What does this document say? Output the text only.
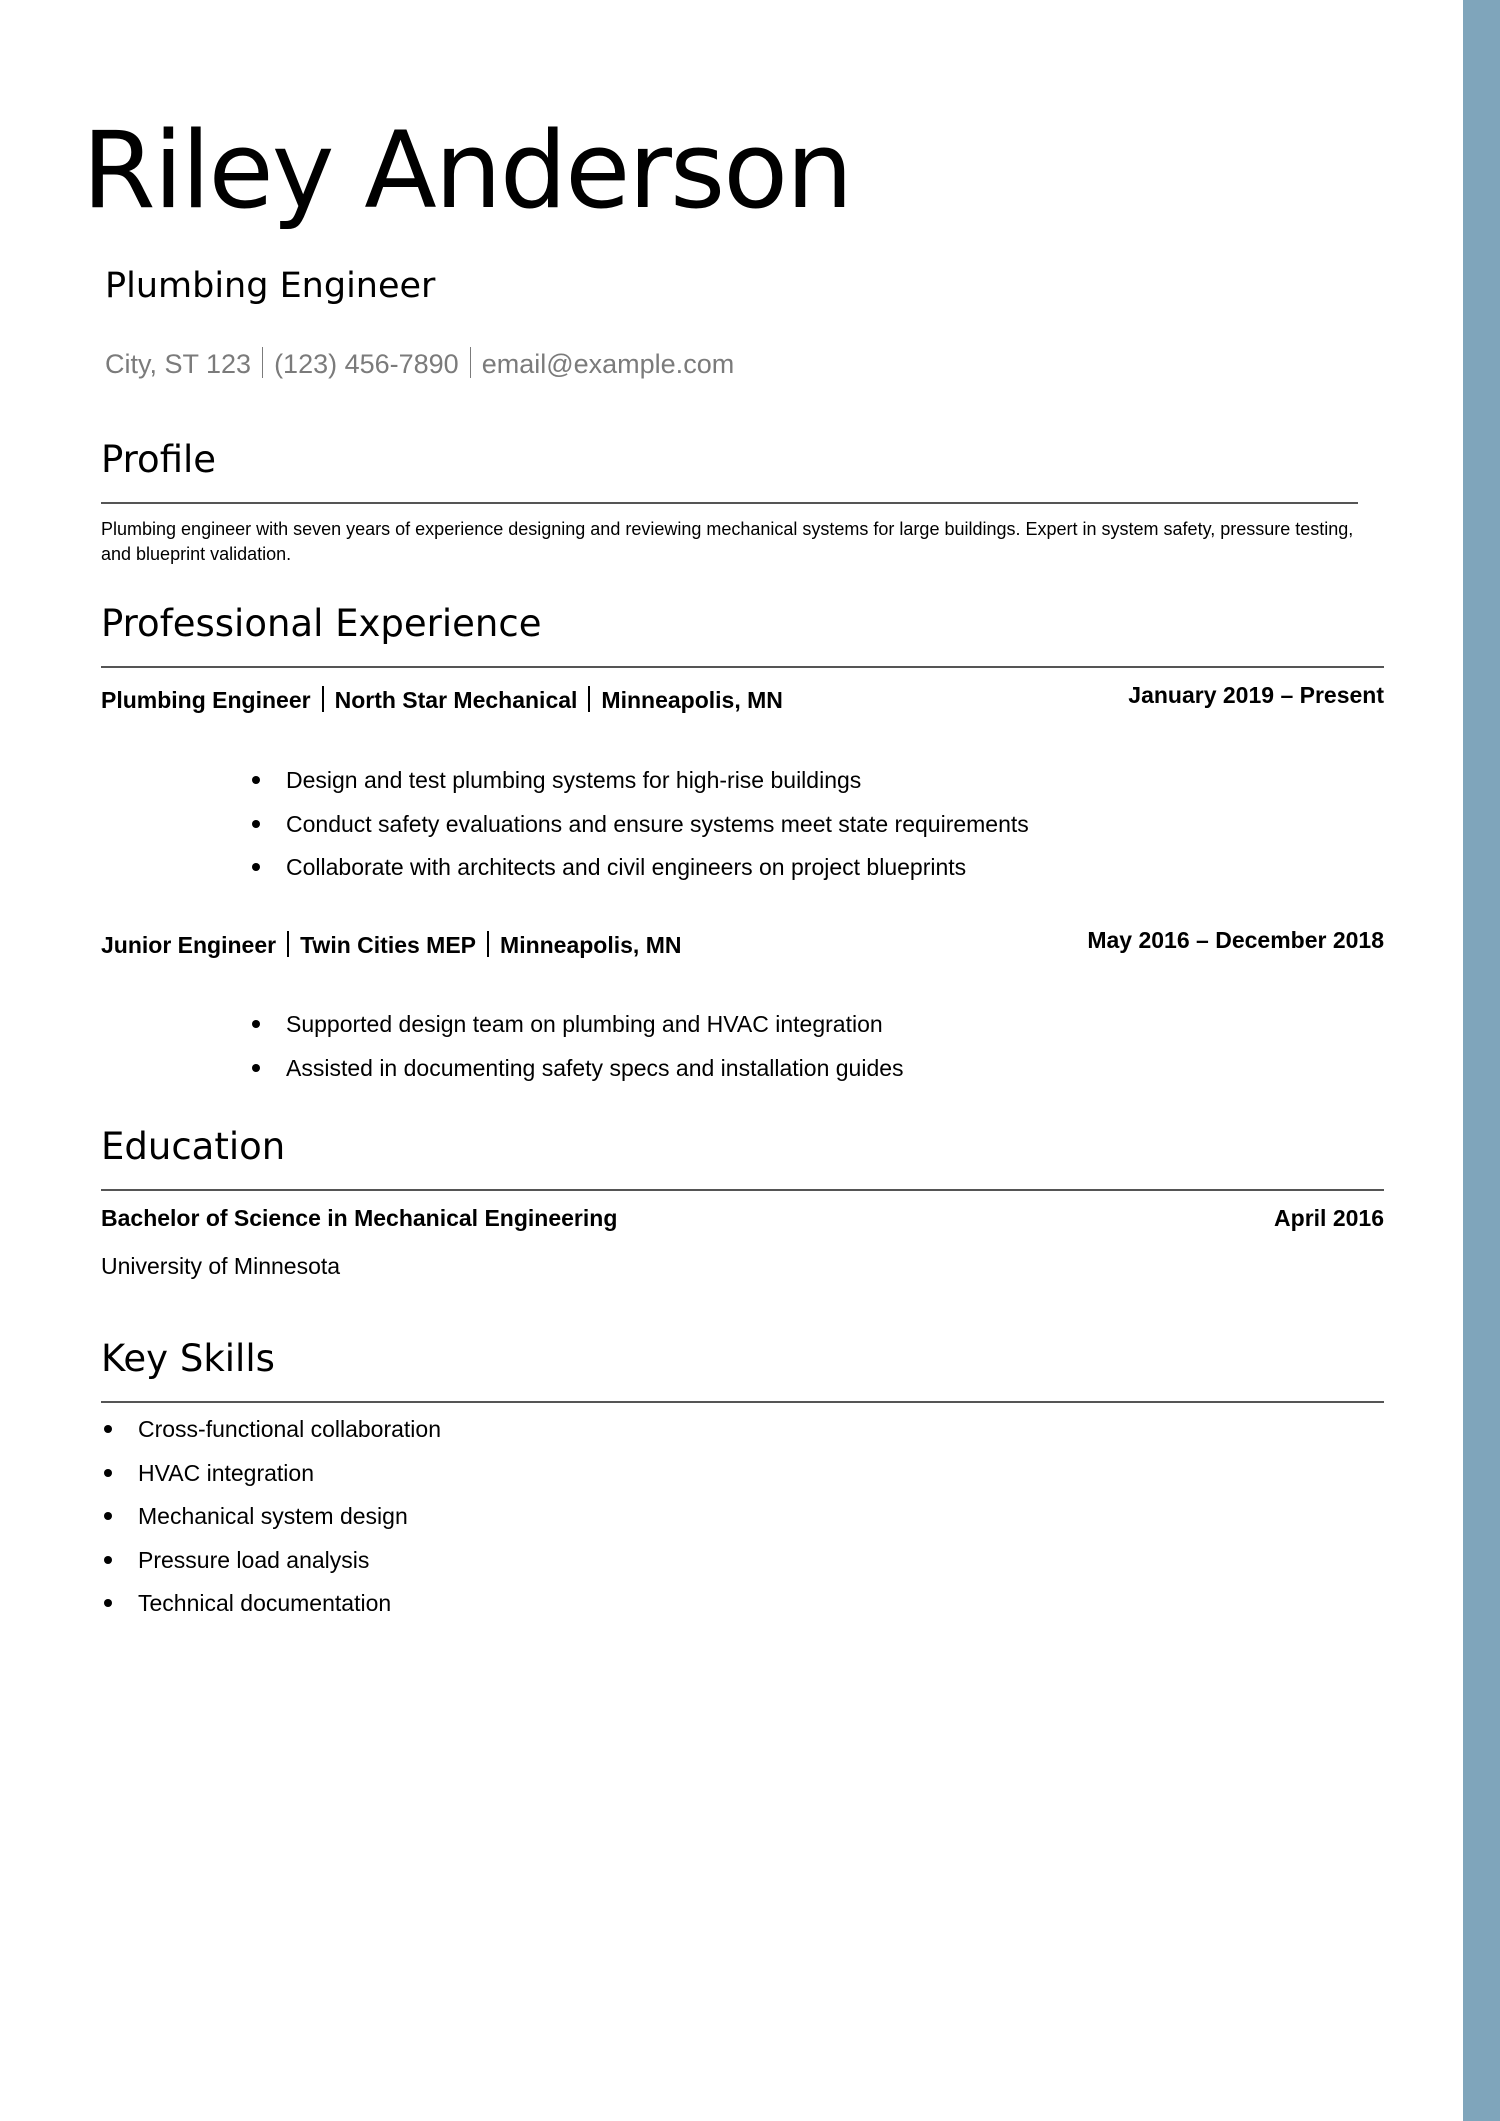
Riley Anderson
Plumbing Engineer
City, ST 123 (123) 456-7890 email@example.com
Profile
Plumbing engineer with seven years of experience designing and reviewing mechanical systems for large buildings. Expert in system safety, pressure testing, and blueprint validation.
Professional Experience
Plumbing Engineer North Star Mechanical Minneapolis, MN	January 2019 – Present
Design and test plumbing systems for high-rise buildings
Conduct safety evaluations and ensure systems meet state requirements
Collaborate with architects and civil engineers on project blueprints
Junior Engineer Twin Cities MEP Minneapolis, MN	May 2016 – December 2018
Supported design team on plumbing and HVAC integration
Assisted in documenting safety specs and installation guides
Education
Bachelor of Science in Mechanical Engineering	April 2016
University of Minnesota
Key Skills
Cross-functional collaboration
HVAC integration
Mechanical system design
Pressure load analysis
Technical documentation
